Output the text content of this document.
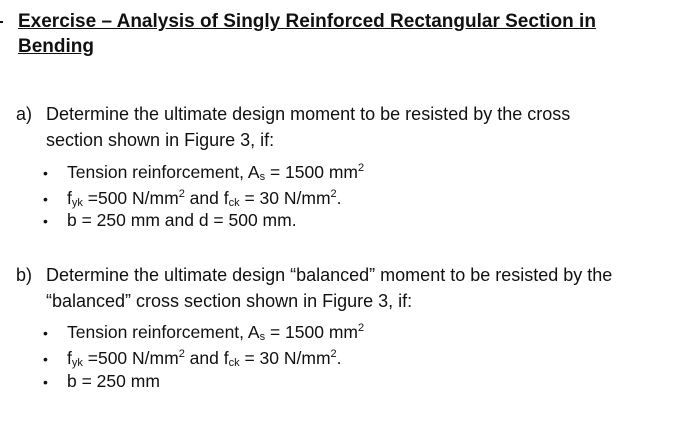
Exercise – Analysis of Singly Reinforced Rectangular Section in
Bending
a) Determine the ultimate design moment to be resisted by the cross
section shown in Figure 3, if:
• Tension reinforcement, $A_s = 1500$ $mm^2$
• $f_{yk} =500$ $N/mm^2$ and $f_{ck} = 30$ $N/mm^2$.
• b = 250 mm and d = 500 mm.
b) Determine the ultimate design “balanced” moment to be resisted by the
“balanced” cross section shown in Figure 3, if:
• Tension reinforcement, $A_s = 1500$ $mm^2$
• $f_{yk} =500$ $N/mm^2$ and $f_{ck} = 30$ $N/mm^2$.
• b = 250 mm
